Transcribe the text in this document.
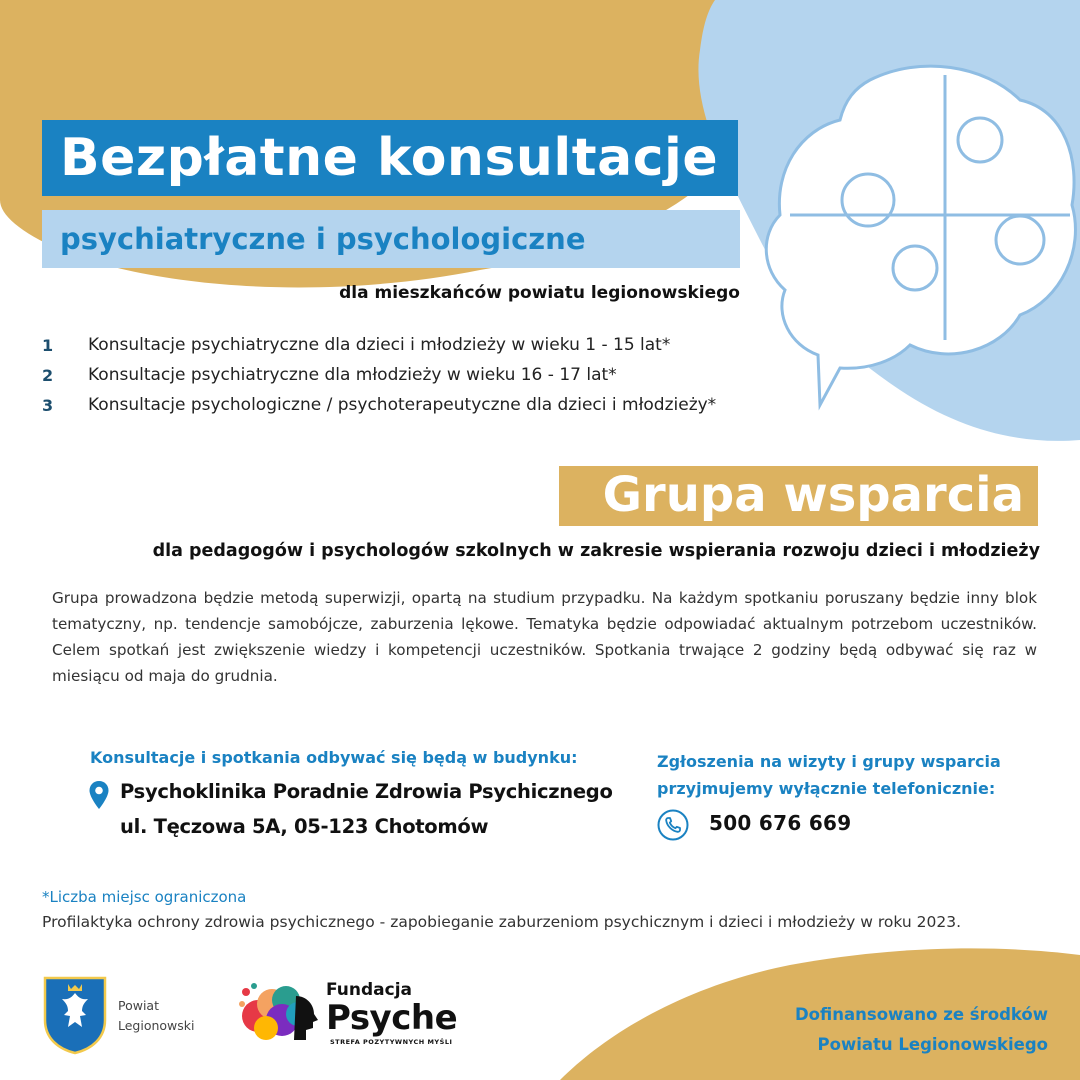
Bezpłatne konsultacje
psychiatryczne i psychologiczne
dla mieszkańców powiatu legionowskiego
1	Konsultacje psychiatryczne dla dzieci i młodzieży w wieku 1 - 15 lat*
2	Konsultacje psychiatryczne dla młodzieży w wieku 16 - 17 lat*
3	Konsultacje psychologiczne / psychoterapeutyczne dla dzieci i młodzieży*
Grupa wsparcia
dla pedagogów i psychologów szkolnych w zakresie wspierania rozwoju dzieci i młodzieży

Grupa prowadzona będzie metodą superwizji, opartą na studium przypadku. Na każdym spotkaniu poruszany będzie inny blok tematyczny, np. tendencje samobójcze, zaburzenia lękowe. Tematyka będzie odpowiadać aktualnym potrzebom uczestników. Celem spotkań jest zwiększenie wiedzy i kompetencji uczestników. Spotkania trwające 2 godziny będą odbywać się raz w miesiącu od maja do grudnia.

Konsultacje i spotkania odbywać się będą w budynku:
Psychoklinika Poradnie Zdrowia Psychicznego
ul. Tęczowa 5A, 05-123 Chotomów
Zgłoszenia na wizyty i grupy wsparcia przyjmujemy wyłącznie telefonicznie:
500 676 669
*Liczba miejsc ograniczona
Profilaktyka ochrony zdrowia psychicznego - zapobieganie zaburzeniom psychicznym i dzieci i młodzieży w roku 2023.
Powiat
Legionowski
Fundacja
Psyche
STREFA POZYTYWNYCH MYŚLI
Dofinansowano ze środków
Powiatu Legionowskiego
